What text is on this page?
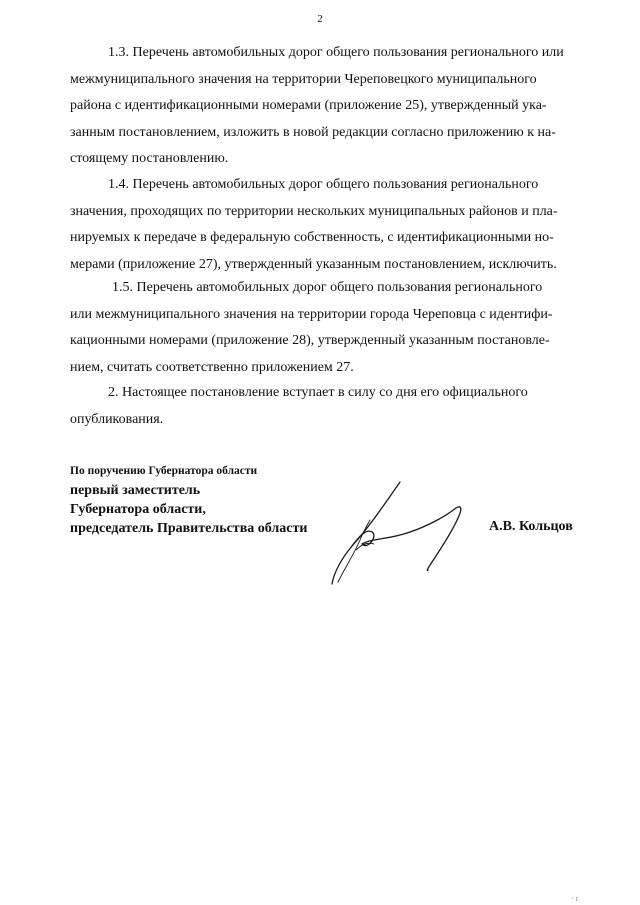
2

1.3. Перечень автомобильных дорог общего пользования регионального или
межмуниципального значения на территории Череповецкого муниципального
района с идентификационными номерами (приложение 25), утвержденный ука-
занным постановлением, изложить в новой редакции согласно приложению к на-
стоящему постановлению.

1.4. Перечень автомобильных дорог общего пользования регионального
значения, проходящих по территории нескольких муниципальных районов и пла-
нируемых к передаче в федеральную собственность, с идентификационными но-
мерами (приложение 27), утвержденный указанным постановлением, исключить.

1.5. Перечень автомобильных дорог общего пользования регионального
или межмуниципального значения на территории города Череповца с идентифи-
кационными номерами (приложение 28), утвержденный указанным постановле-
нием, считать соответственно приложением 27.

2. Настоящее постановление вступает в силу со дня его официального
опубликования.

По поручению Губернатора области
первый заместитель
Губернатора области,
председатель Правительства области	А.В. Кольцов
· ı
